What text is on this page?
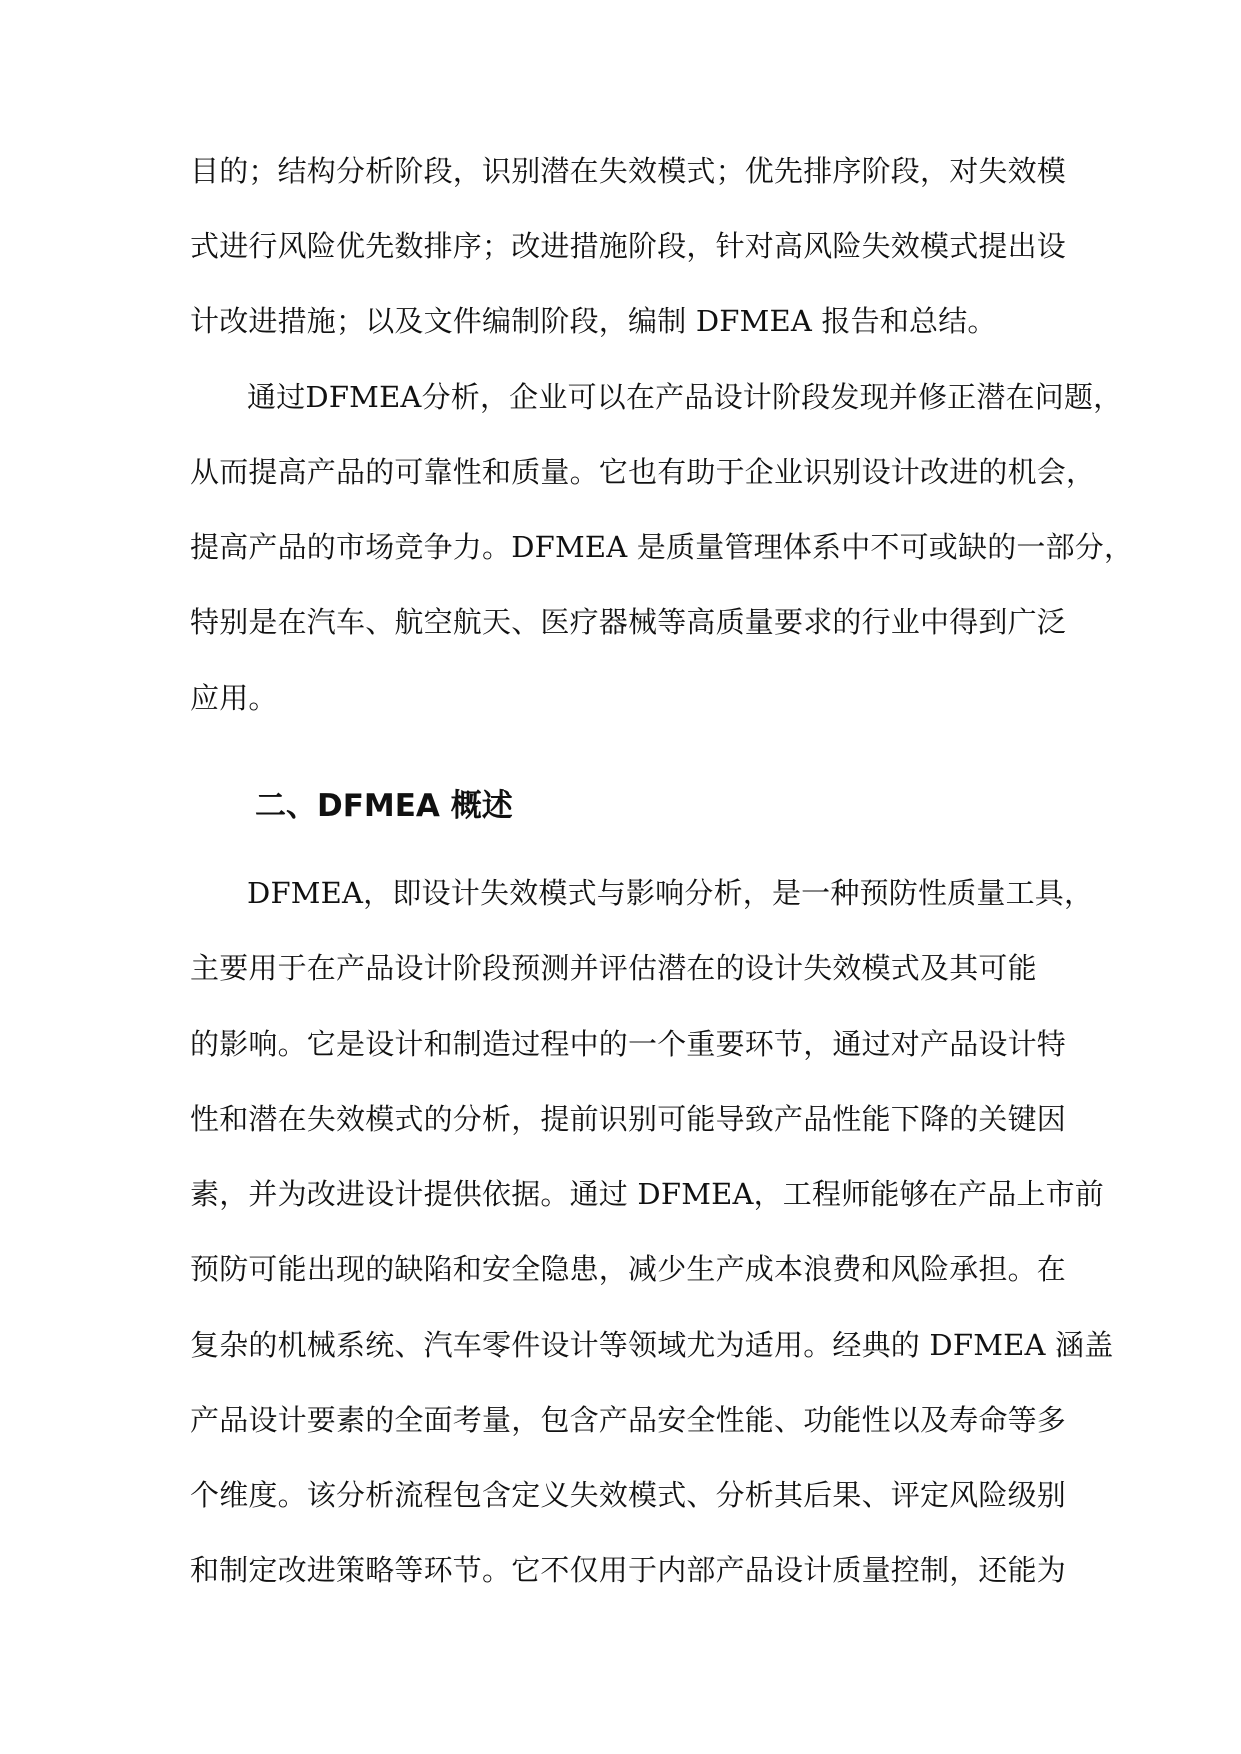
目的；结构分析阶段，识别潜在失效模式；优先排序阶段，对失效模
式进行风险优先数排序；改进措施阶段，针对高风险失效模式提出设
计改进措施；以及文件编制阶段，编制 DFMEA 报告和总结。
通过DFMEA分析，企业可以在产品设计阶段发现并修正潜在问题，
从而提高产品的可靠性和质量。它也有助于企业识别设计改进的机会，
提高产品的市场竞争力。DFMEA 是质量管理体系中不可或缺的一部分，
特别是在汽车、航空航天、医疗器械等高质量要求的行业中得到广泛
应用。
二、DFMEA 概述
DFMEA，即设计失效模式与影响分析，是一种预防性质量工具，
主要用于在产品设计阶段预测并评估潜在的设计失效模式及其可能
的影响。它是设计和制造过程中的一个重要环节，通过对产品设计特
性和潜在失效模式的分析，提前识别可能导致产品性能下降的关键因
素，并为改进设计提供依据。通过 DFMEA，工程师能够在产品上市前
预防可能出现的缺陷和安全隐患，减少生产成本浪费和风险承担。在
复杂的机械系统、汽车零件设计等领域尤为适用。经典的 DFMEA 涵盖
产品设计要素的全面考量，包含产品安全性能、功能性以及寿命等多
个维度。该分析流程包含定义失效模式、分析其后果、评定风险级别
和制定改进策略等环节。它不仅用于内部产品设计质量控制，还能为
